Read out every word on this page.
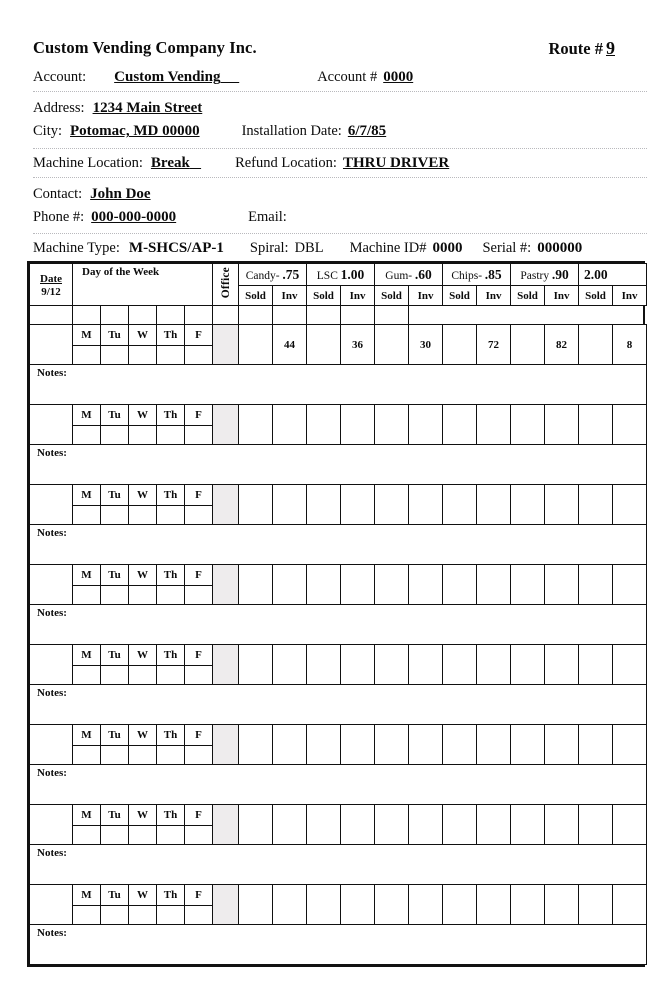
Custom Vending Company Inc.	Route # 9
Account: Custom Vending
	Account # 0000
Address: 1234 Main Street
City: Potomac, MD 00000	Installation Date: 6/7/85
Machine Location: Break
	Refund Location: THRU DRIVER
Contact: John Doe
Phone #: 000-000-0000	Email:
Machine Type: M-SHCS/AP-1 Spiral: DBL Machine ID# 0000 Serial #: 000000
Date
9/12	Day of the Week					Office	Candy- .75		LSC 1.00		Gum- .60		Chips- .85		Pastry .90		2.00	
							Sold	Inv	Sold	Inv	Sold	Inv	Sold	Inv	Sold	Inv	Sold	Inv

	M	Tu	W	Th	F			44		36		30		72		82		8

Notes:																		
	M	Tu	W	Th	F													

Notes:																		
	M	Tu	W	Th	F													

Notes:																		
	M	Tu	W	Th	F													

Notes:																		
	M	Tu	W	Th	F													

Notes:																		
	M	Tu	W	Th	F													

Notes:																		
	M	Tu	W	Th	F													

Notes:																		
	M	Tu	W	Th	F													

Notes:																		
